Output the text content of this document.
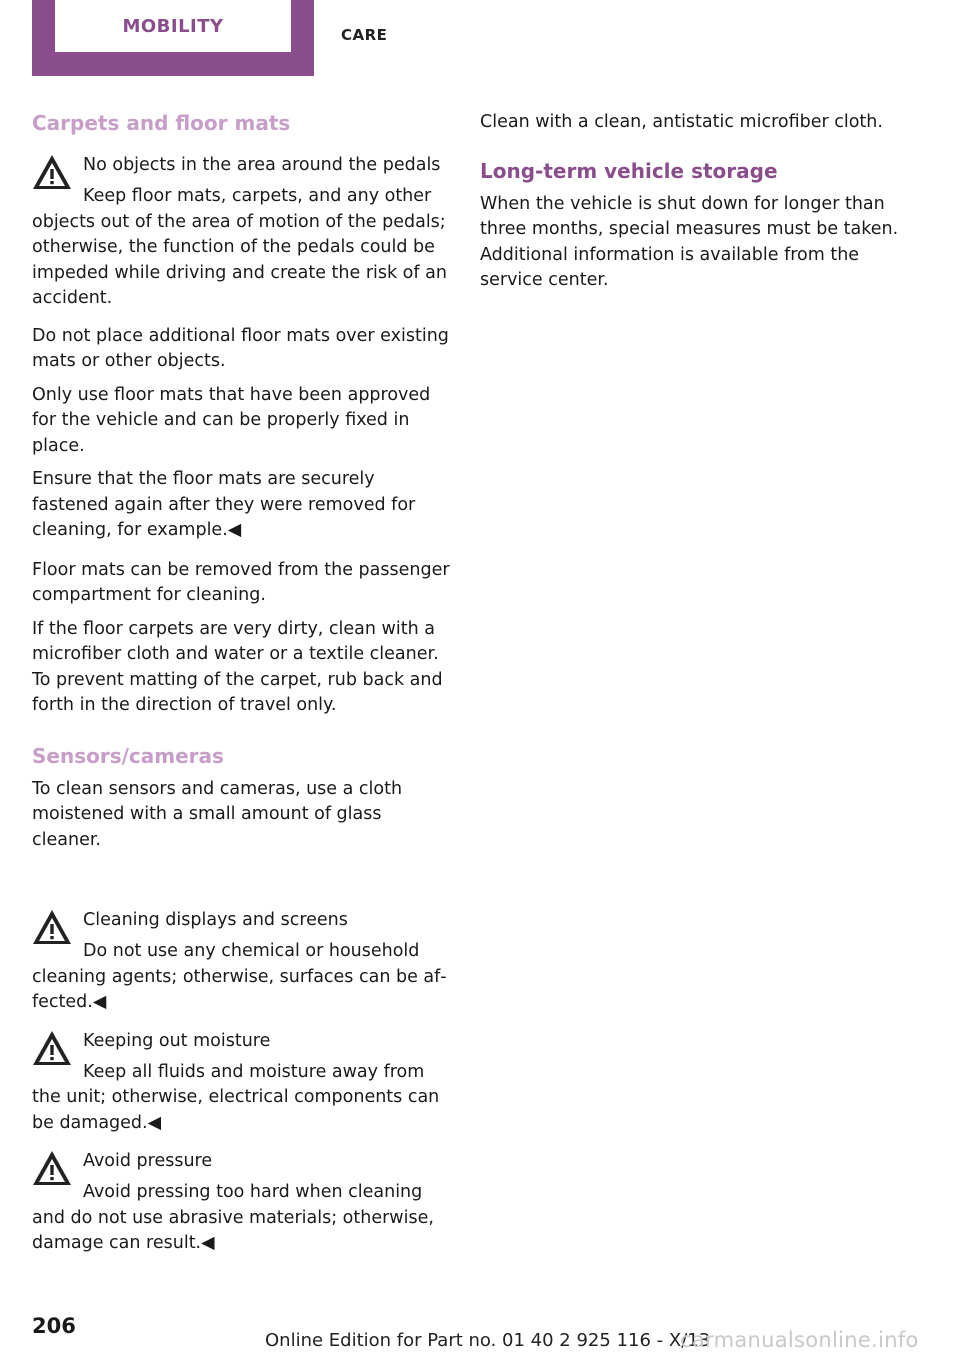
MOBILITY	CARE
Carpets and floor mats

No objects in the area around the pedals

Keep floor mats, carpets, and any other objects out of the area of motion of the pedals; otherwise, the function of the pedals could be impeded while driving and create the risk of an accident.

Do not place additional floor mats over existing mats or other objects.

Only use floor mats that have been approved for the vehicle and can be properly fixed in place.

Ensure that the floor mats are securely fastened again after they were removed for cleaning, for example.◀

Floor mats can be removed from the passenger compartment for cleaning.

If the floor carpets are very dirty, clean with a microfiber cloth and water or a textile cleaner. To prevent matting of the carpet, rub back and forth in the direction of travel only.

Sensors/cameras

To clean sensors and cameras, use a cloth moistened with a small amount of glass cleaner.

Cleaning displays and screens

Do not use any chemical or household cleaning agents; otherwise, surfaces can be af‐ fected.◀

Keeping out moisture

Keep all fluids and moisture away from the unit; otherwise, electrical components can be damaged.◀

Avoid pressure

Avoid pressing too hard when cleaning and do not use abrasive materials; otherwise, damage can result.◀

Clean with a clean, antistatic microfiber cloth.

Long-term vehicle storage

When the vehicle is shut down for longer than three months, special measures must be taken. Additional information is available from the service center.

206
Online Edition for Part no. 01 40 2 925 116 - X/13
carmanualsonline.info
